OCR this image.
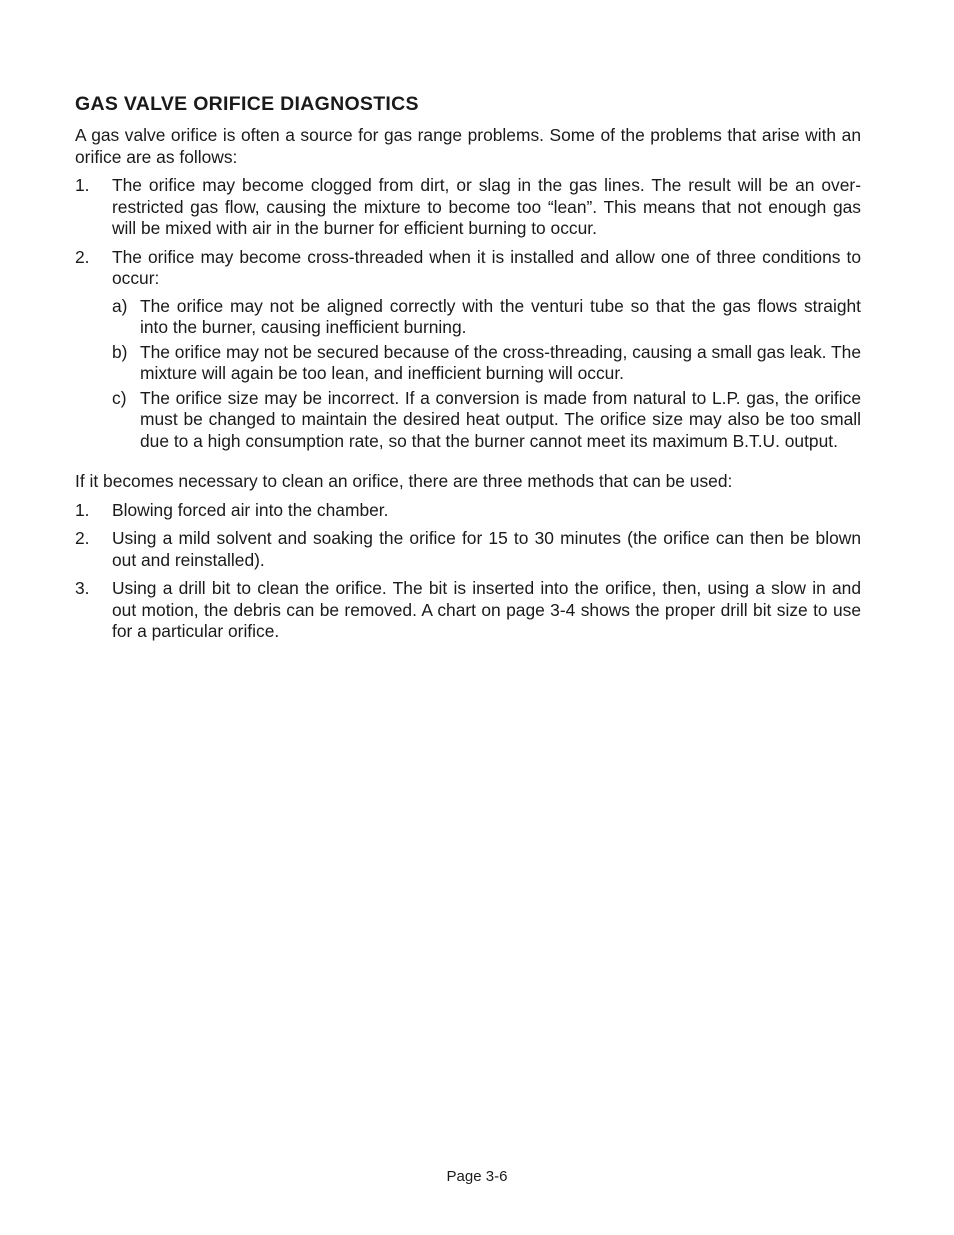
GAS VALVE ORIFICE DIAGNOSTICS

A gas valve orifice is often a source for gas range problems. Some of the problems that arise with an orifice are as follows:

1. The orifice may become clogged from dirt, or slag in the gas lines. The result will be an over-restricted gas flow, causing the mixture to become too “lean”. This means that not enough gas will be mixed with air in the burner for efficient burning to occur.
2. The orifice may become cross-threaded when it is installed and allow one of three conditions to occur:
a) The orifice may not be aligned correctly with the venturi tube so that the gas flows straight into the burner, causing inefficient burning.
b) The orifice may not be secured because of the cross-threading, causing a small gas leak. The mixture will again be too lean, and inefficient burning will occur.
c) The orifice size may be incorrect. If a conversion is made from natural to L.P. gas, the orifice must be changed to maintain the desired heat output. The orifice size may also be too small due to a high consumption rate, so that the burner cannot meet its maximum B.T.U. output.

If it becomes necessary to clean an orifice, there are three methods that can be used:

1. Blowing forced air into the chamber.
2. Using a mild solvent and soaking the orifice for 15 to 30 minutes (the orifice can then be blown out and reinstalled).
3. Using a drill bit to clean the orifice. The bit is inserted into the orifice, then, using a slow in and out motion, the debris can be removed. A chart on page 3-4 shows the proper drill bit size to use for a particular orifice.
Page 3-6
